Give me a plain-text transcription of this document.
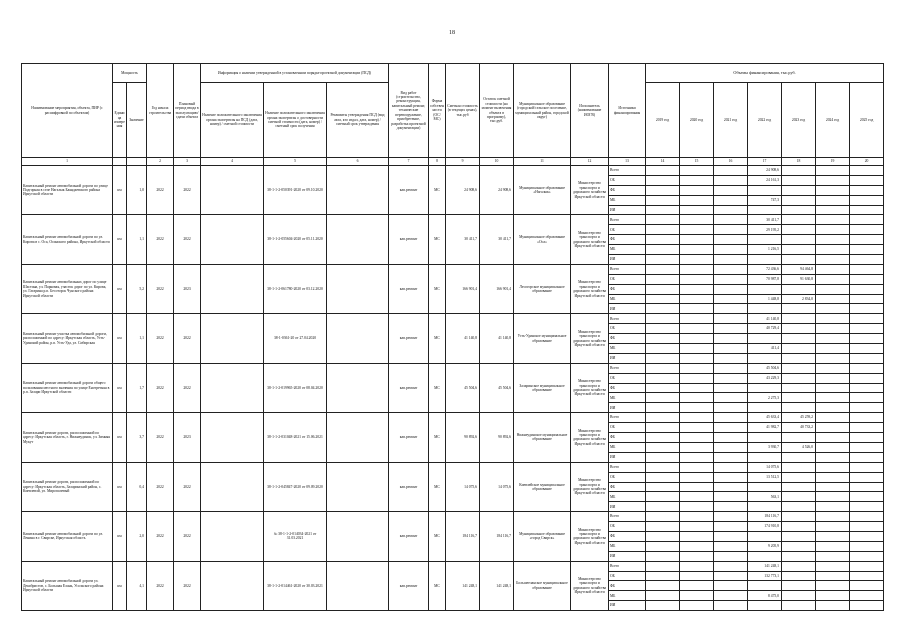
18
Наименование мероприятия, объекта, ПИР (с расшифровкой по объектам)	Мощность		Год начала строительства	Плановый период ввода в эксплуатацию/сдачи объекта	Информация о наличии утвержденной в установленном порядке проектной документации (ПСД)			Вид работ (строительство, реконструкция, капитальный ремонт, технические перевооружение, приобретение, разработка проектной документации)	Форма собственности (ОС/МС)	Сметная стоимость (в текущих ценах), тыс.руб	Остаток сметной стоимости (на момент включения объекта в программу), тыс.руб.	Муниципальное образование (городской/сельское поселение, муниципальный район, городской округ)	Исполнитель (наименование ИОГВ)	Источники финансирования	Объемы финансирования, тыс.руб.						
	Единица измерения	Значение			Наличие положительного заключения органа экспертизы на ПСД (дата, номер) / сметной стоимости	Наличие положительного заключения органа экспертизы о достоверности сметной стоимости (дата, номер) / сметный срок получения	Реквизиты утверждения ПСД (вид акта, кто издал, дата, номер) / сметный срок утверждения								2019 год	2020 год	2021 год	2022 год	2023 год	2024 год	2025 год
1			2	3	4	5	6	7	8	9	10	11	12	13	14	15	16	17	18	19	20
Капитальный ремонт автомобильной дороги по улице Подгорная в селе Нагалык Баяндаевского района Иркутской области	км	1,0	2022	2022		38-1-1-2-050391-2020 от 09.10.2020		кап.ремонт	МС	24 908,6	24 908,6	Муниципальное образование «Нагалык»	Министерство транспорта и дорожного хозяйства Иркутской области	Всего				24 908,6			
														ОБ				24 161,3			
														ФБ							
														МБ				747,3			
														ИИ							
Капитальный ремонт автомобильной дороги по ул. Кирова в с. Оса, Осинского района, Иркутской области	км	1,1	2022	2022		38-1-1-2-055604-2020 от 05.11.2020		кап.ремонт	МС	30 411,7	30 411,7	Муниципальное образование «Оса»	Министерство транспорта и дорожного хозяйства Иркутской области	Всего				30 411,7			
														ОБ				29 195,2			
														ФБ							
														МБ				1 216,5			
														ИИ							
Капитальный ремонт автомобильных дорог по улице Шастина, ул. Парковая, участок дорог по ул. Кирова, ул. Гагарина р.п. Бесоторск Чунского района Иркутской области	км	5,2	2022	2023		38-1-1-2-061780-2020 от 03.12.2020		кап.ремонт	МС	166 901,4	166 901,4	Лесогорское муниципальное образование	Министерство транспорта и дорожного хозяйства Иркутской области	Всего				72 436,6	94 464,8		
														ОБ				70 987,8	91 630,8		
														ФБ							
														МБ				1 448,8	2 834,0		
														ИИ							
Капитальный ремонт участка автомобильной дороги, расположенной по адресу: Иркутская область, Усть-Удинский район, р.п. Усть-Уда, ул. Сибирская	км	1,1	2022	2022		38-1-0361-20 от 27.04.2020		кап.ремонт	МС	41 140,8	41 140,8	Усть-Удинское муниципальное образование	Министерство транспорта и дорожного хозяйства Иркутской области	Всего				41 140,8			
														ОБ				40 729,4			
														ФБ							
														МБ				411,4			
														ИИ							
Капитальный ремонт автомобильной дороги общего пользования местного значения по улице Енотретняя в р.п. Залари Иркутской области	км	1,7	2022	2022		38-1-1-2-019965-2020 от 08.04.2020		кап.ремонт	МС	45 504,6	45 504,6	Заларинское муниципальное образование	Министерство транспорта и дорожного хозяйства Иркутской области	Всего				45 504,6			
														ОБ				43 229,3			
														ФБ							
														МБ				2 275,3			
														ИИ							
Капитальный ремонт дороги, расположенной по адресу: Иркутская область, г. Нижнеудинск, ул. Зимняя Мукут	км	3,7	2022	2023		38-1-1-2-031048-2021 от 15.06.2021		кап.ремонт	МС	90 892,6	90 892,6	Нижнеудинское муниципальное образование	Министерство транспорта и дорожного хозяйства Иркутской области	Всего				45 633,4	45 259,2		
														ОБ				41 982,7	40 733,2		
														ФБ							
														МБ				3 930,7	4 526,0		
														ИИ							
Капитальный ремонт дороги, расположенной по адресу: Иркутская область, Заларинский район, с. Киевлевлй, ул. Мирополевый	км	0,4	2022	2022		38-1-1-2-045847-2020 от 09.09.2020		кап.ремонт	МС	14 075,6	14 075,6	Киевлейское муниципальное образование	Министерство транспорта и дорожного хозяйства Иркутской области	Всего				14 075,6			
														ОБ				13 512,5			
														ФБ							
														МБ				563,1			
														ИИ							
Капитальный ремонт автомобильной дороги по ул. Ленина в г. Свирске, Иркутская область	км	2,0	2022	2022		№ 38-1-1-2-014034-2021 от 31.03.2021		кап.ремонт	МС	184 116,7	184 116,7	Муниципальное образование «город Свирск»	Министерство транспорта и дорожного хозяйства Иркутской области	Всего				184 116,7			
														ОБ				174 910,8			
														ФБ							
														МБ				9 205,9			
														ИИ							
Капитальный ремонт автомобильной дороги ул. Декабристов, с. Большая Елань, Усольского района Иркутской области	км	4,1	2022	2022		38-1-1-2-014461-2020 от 30.03.2021		кап.ремонт	МС	141 248,1	141 248,1	Большееланское муниципальное образование	Министерство транспорта и дорожного хозяйства Иркутской области	Всего				141 248,1			
														ОБ				132 773,1			
														ФБ							
														МБ				8 475,0			
														ИИ							
